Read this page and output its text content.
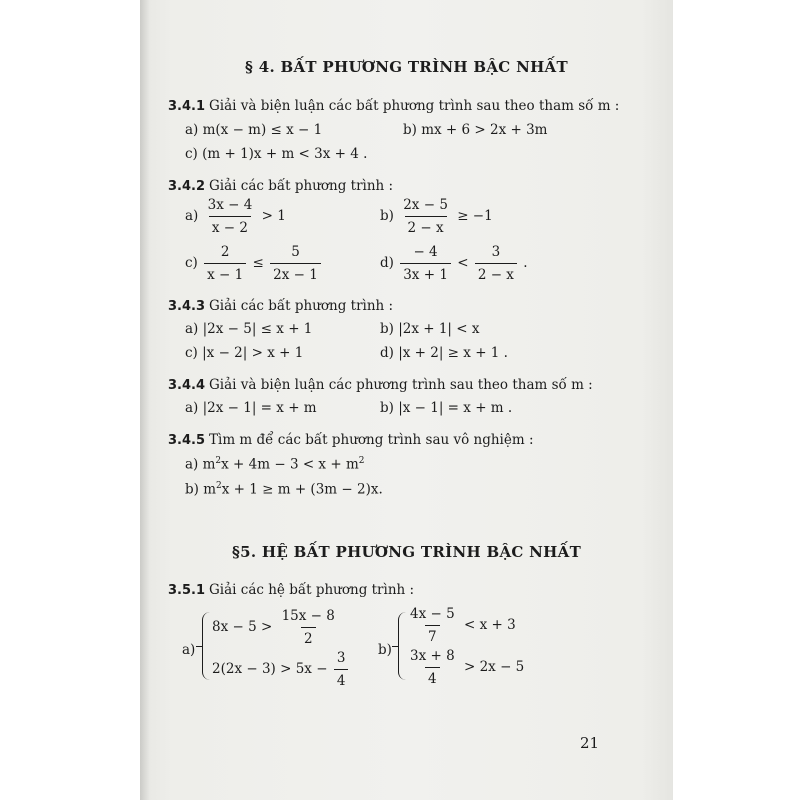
§ 4. BẤT PHƯƠNG TRÌNH BẬC NHẤT
3.4.1 Giải và biện luận các bất phương trình sau theo tham số m :
a) m(x − m) ≤ x − 1	b) mx + 6 > 2x + 3m
c) (m + 1)x + m < 3x + 4 .
3.4.2 Giải các bất phương trình :
$a) \frac{3x - 4}{x - 2} > 1$	$b) \frac{2x - 5}{2 - x} \ge -1$
$c) \frac{2}{x - 1} \le \frac{5}{2x - 1}$	$d) \frac{- 4}{3x + 1} < \frac{3}{2 - x}$ .
3.4.3 Giải các bất phương trình :
a) |2x − 5| ≤ x + 1	b) |2x + 1| < x
c) |x − 2| > x + 1	d) |x + 2| ≥ x + 1 .
3.4.4 Giải và biện luận các phương trình sau theo tham số m :
a) |2x − 1| = x + m	b) |x − 1| = x + m .
3.4.5 Tìm m để các bất phương trình sau vô nghiệm :
a) $m^2x + 4m - 3 < x + m^2$
b) $m^2x + 1 \ge m + (3m - 2)x$.
§5. HỆ BẤT PHƯƠNG TRÌNH BẬC NHẤT
3.5.1 Giải các hệ bất phương trình :
a)
$8x - 5 > \frac{15x - 8}{2}$
$2(2x - 3) > 5x - \frac{3}{4} b$)
$\frac{4x - 5}{7} < x + 3$
$\frac{3x + 8}{4} > 2x - 5$
21
